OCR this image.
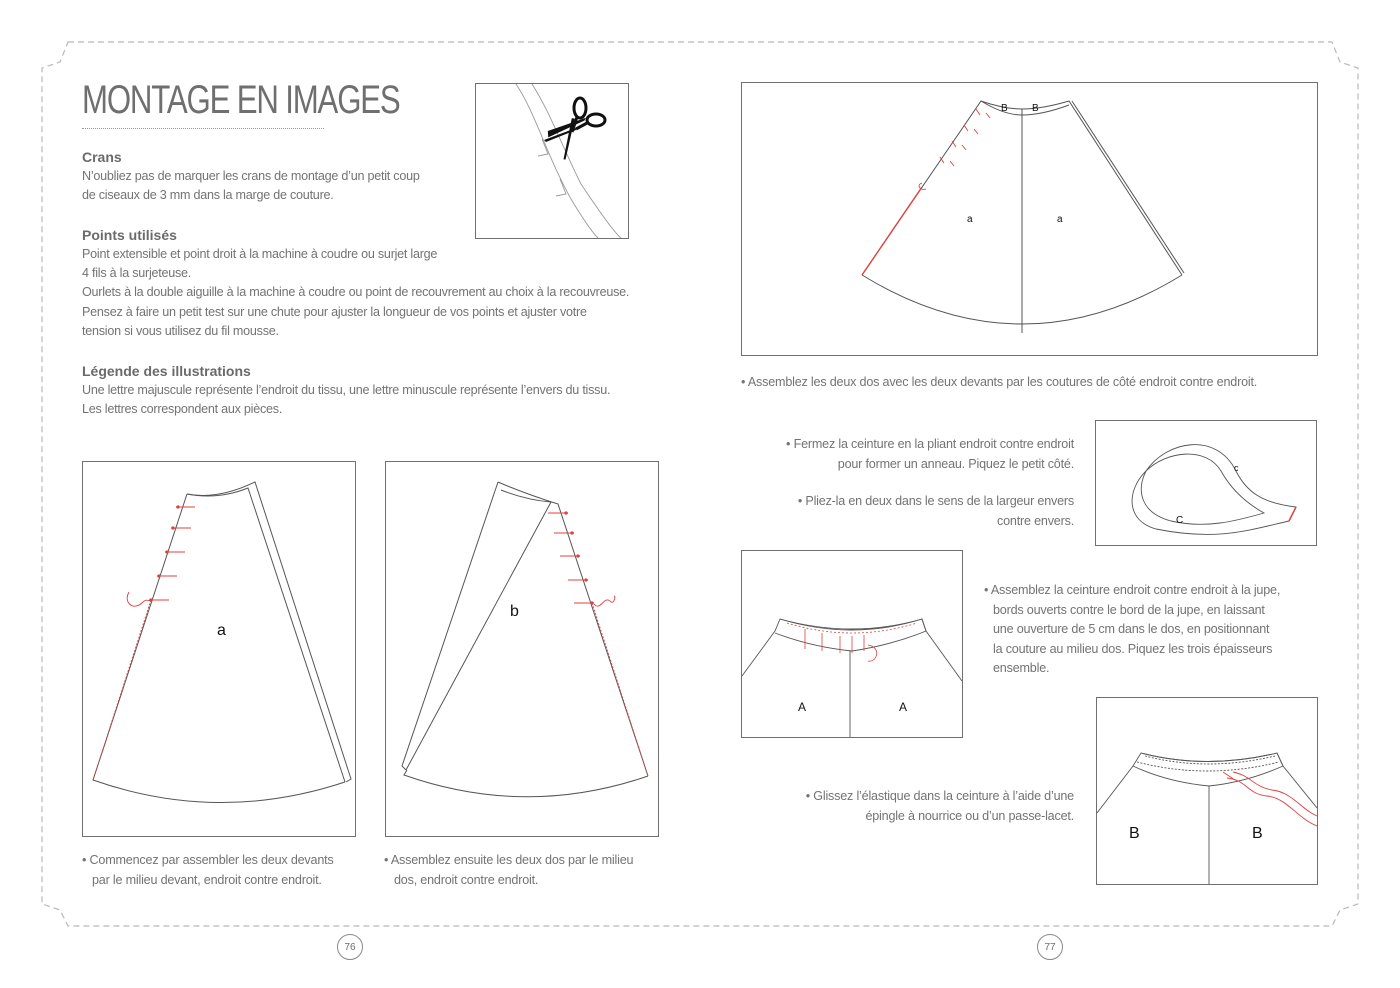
MONTAGE EN IMAGES
Crans
N’oubliez pas de marquer les crans de montage d’un petit coup
de ciseaux de 3 mm dans la marge de couture.
Points utilisés
Point extensible et point droit à la machine à coudre ou surjet large
4 fils à la surjeteuse.
Ourlets à la double aiguille à la machine à coudre ou point de recouvrement au choix à la recouvreuse.
Pensez à faire un petit test sur une chute pour ajuster la longueur de vos points et ajuster votre
tension si vous utilisez du fil mousse.
Légende des illustrations
Une lettre majuscule représente l’endroit du tissu, une lettre minuscule représente l’envers du tissu.
Les lettres correspondent aux pièces.
a
b
• Commencez par assembler les deux devants
par le milieu devant, endroit contre endroit.
• Assemblez ensuite les deux dos par le milieu
dos, endroit contre endroit.
76
B B
a	a
• Assemblez les deux dos avec les deux devants par les coutures de côté endroit contre endroit.
• Fermez la ceinture en la pliant endroit contre endroit
pour former un anneau. Piquez le petit côté.
• Pliez-la en deux dans le sens de la largeur envers
contre envers.
c
C
A	A
• Assemblez la ceinture endroit contre endroit à la jupe,
bords ouverts contre le bord de la jupe, en laissant
une ouverture de 5 cm dans le dos, en positionnant
la couture au milieu dos. Piquez les trois épaisseurs
ensemble.
B	B
• Glissez l’élastique dans la ceinture à l’aide d’une
épingle à nourrice ou d’un passe-lacet.
77
